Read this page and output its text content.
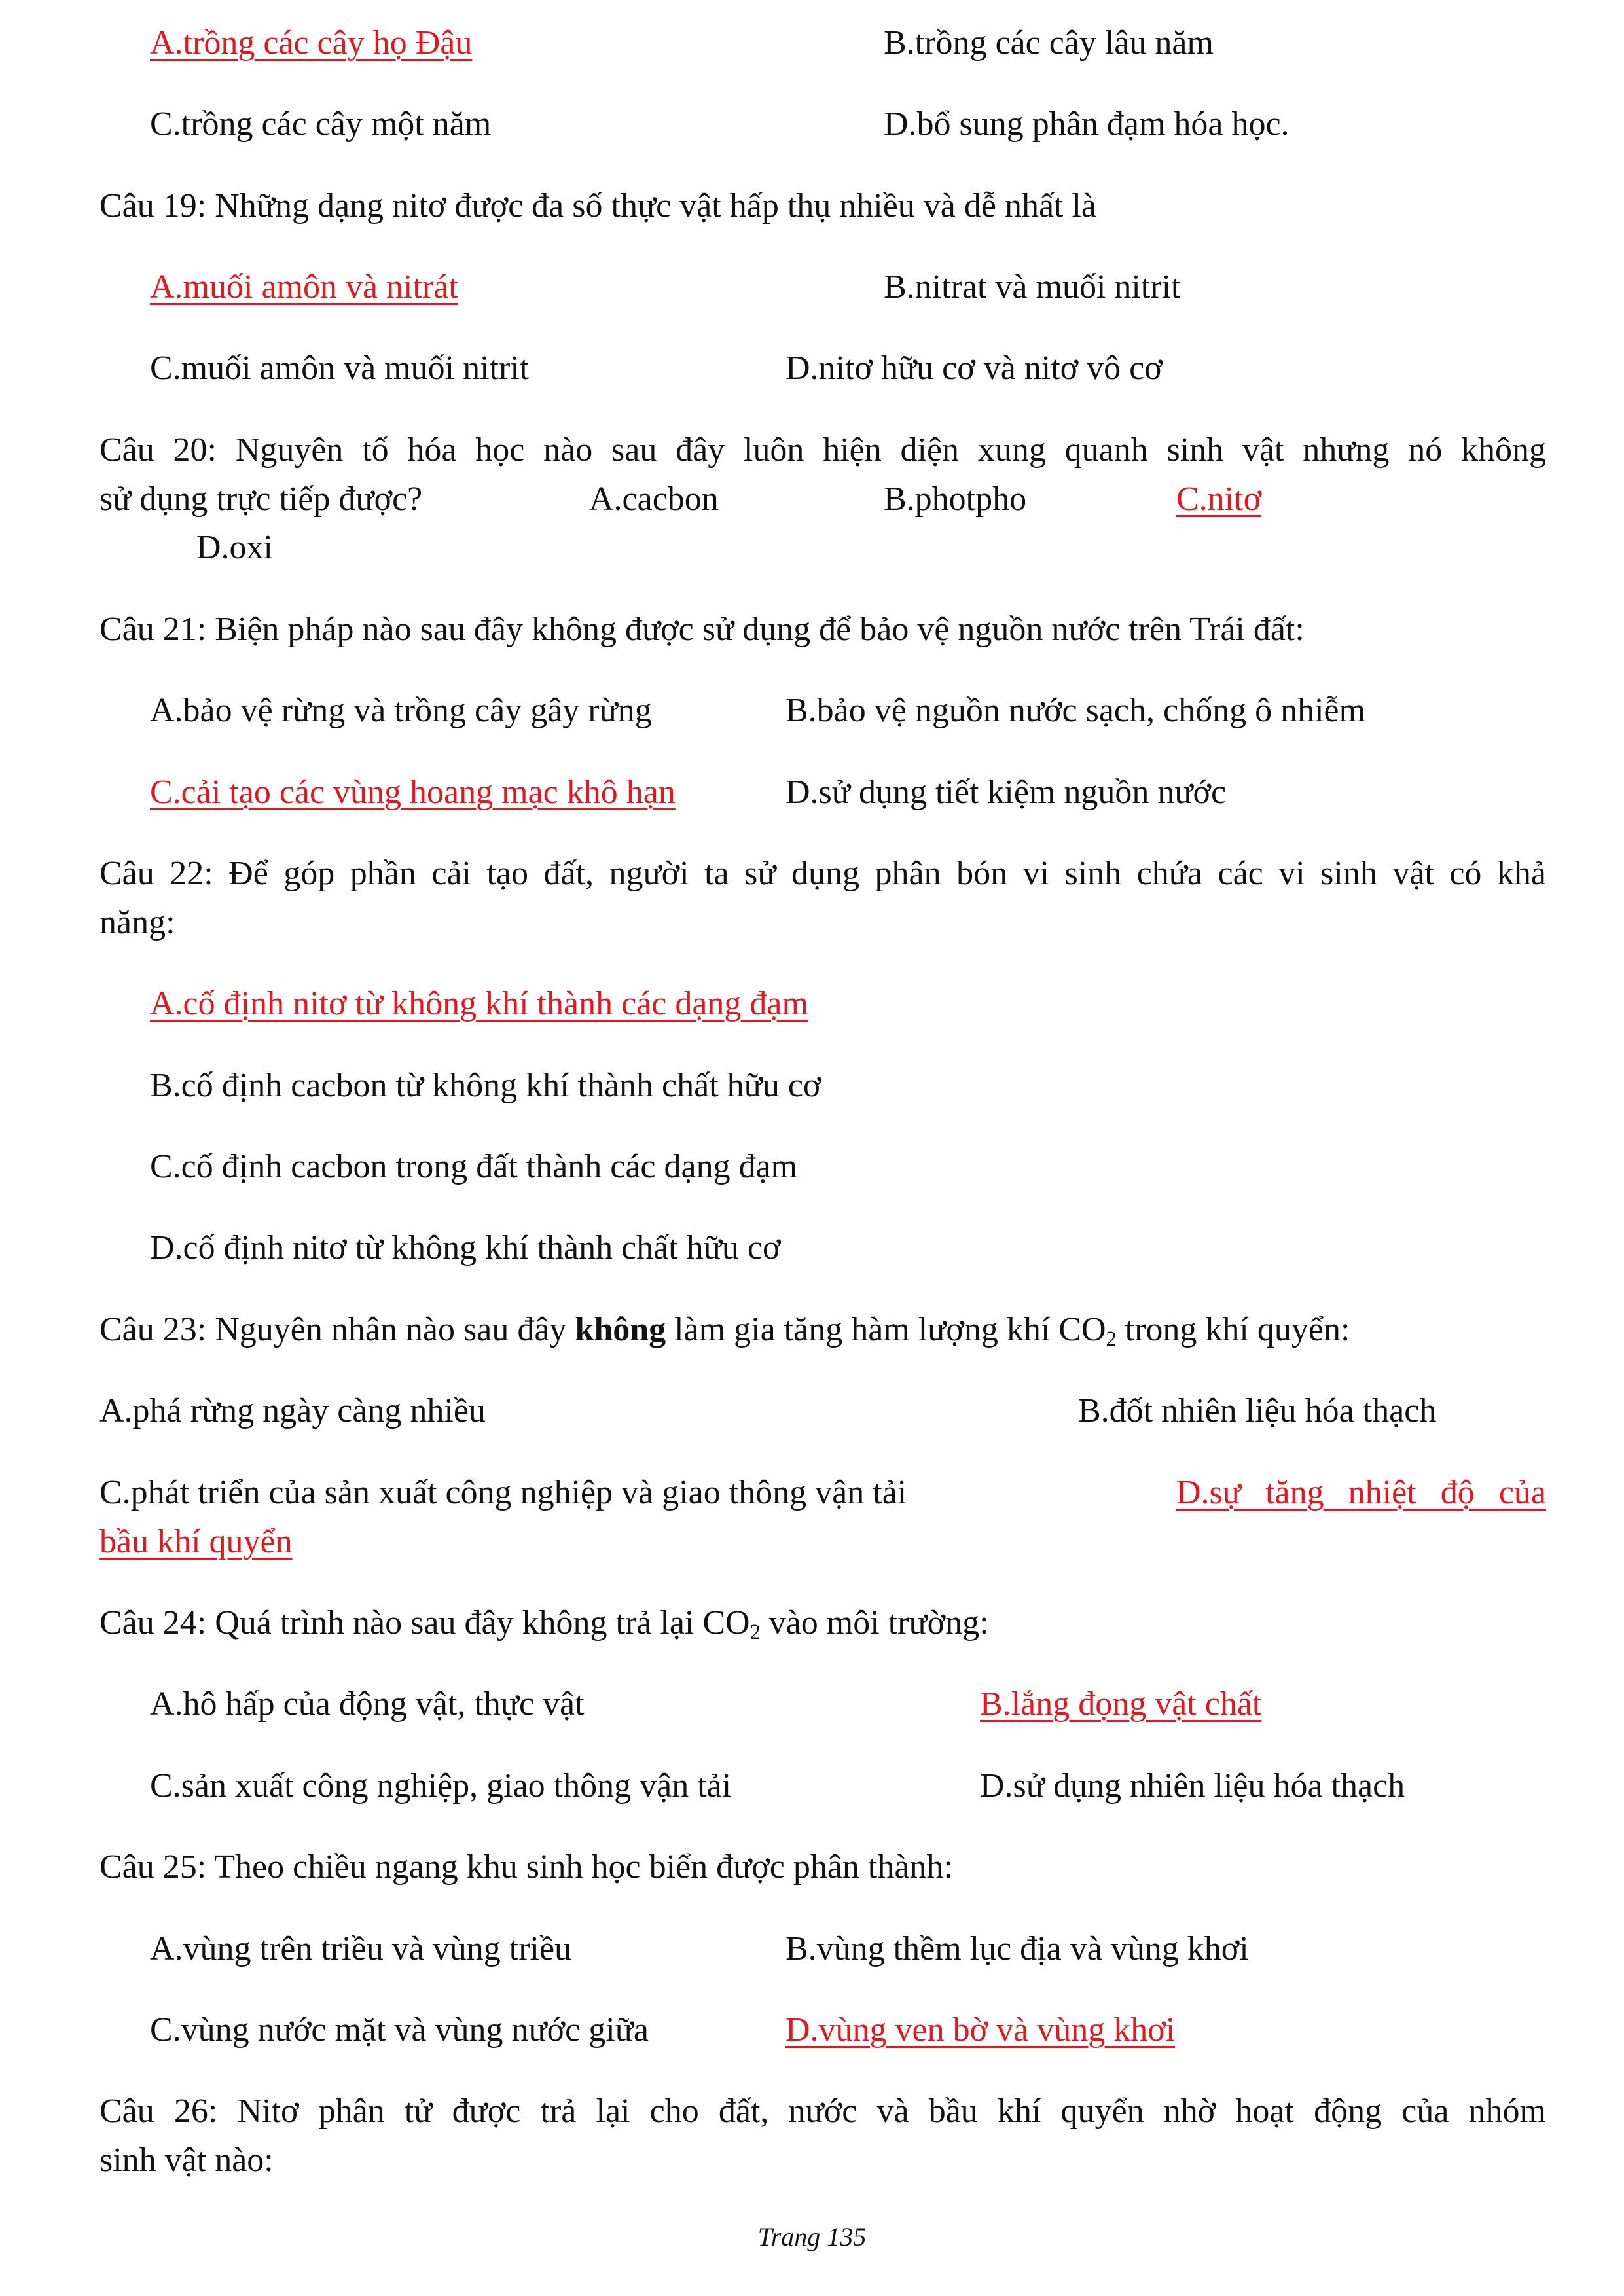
A.trồng các cây họ Đậu	B.trồng các cây lâu năm
C.trồng các cây một năm	D.bổ sung phân đạm hóa học.
Câu 19: Những dạng nitơ được đa số thực vật hấp thụ nhiều và dễ nhất là
A.muối amôn và nitrát	B.nitrat và muối nitrit
C.muối amôn và muối nitrit	D.nitơ hữu cơ và nitơ vô cơ
Câu 20: Nguyên tố hóa học nào sau đây luôn hiện diện xung quanh sinh vật nhưng nó không
sử dụng trực tiếp được?	A.cacbon	B.photpho	C.nitơ
D.oxi
Câu 21: Biện pháp nào sau đây không được sử dụng để bảo vệ nguồn nước trên Trái đất:
A.bảo vệ rừng và trồng cây gây rừng	B.bảo vệ nguồn nước sạch, chống ô nhiễm
C.cải tạo các vùng hoang mạc khô hạn	D.sử dụng tiết kiệm nguồn nước
Câu 22: Để góp phần cải tạo đất, người ta sử dụng phân bón vi sinh chứa các vi sinh vật có khả
năng:
A.cố định nitơ từ không khí thành các dạng đạm
B.cố định cacbon từ không khí thành chất hữu cơ
C.cố định cacbon trong đất thành các dạng đạm
D.cố định nitơ từ không khí thành chất hữu cơ
Câu 23: Nguyên nhân nào sau đây không làm gia tăng hàm lượng khí $CO_2$ trong khí quyển:
A.phá rừng ngày càng nhiều	B.đốt nhiên liệu hóa thạch
C.phát triển của sản xuất công nghiệp và giao thông vận tải	D.sự tăng nhiệt độ của
bầu khí quyển
Câu 24: Quá trình nào sau đây không trả lại $CO_2$ vào môi trường:
A.hô hấp của động vật, thực vật	B.lắng đọng vật chất
C.sản xuất công nghiệp, giao thông vận tải	D.sử dụng nhiên liệu hóa thạch
Câu 25: Theo chiều ngang khu sinh học biển được phân thành:
A.vùng trên triều và vùng triều	B.vùng thềm lục địa và vùng khơi
C.vùng nước mặt và vùng nước giữa	D.vùng ven bờ và vùng khơi
Câu 26: Nitơ phân tử được trả lại cho đất, nước và bầu khí quyển nhờ hoạt động của nhóm
sinh vật nào:
Trang 135
